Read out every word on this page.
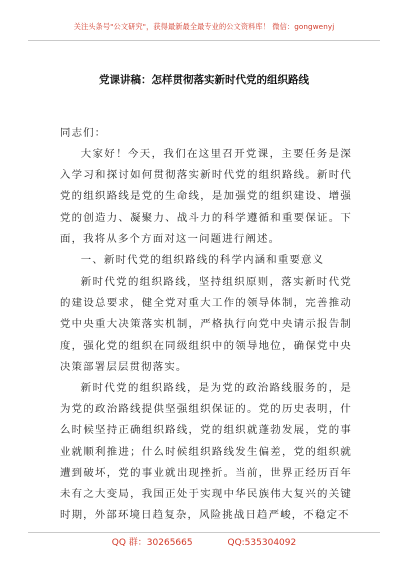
关注头条号"公文研究"，获得最新最全最专业的公文资料库！ 微信：gongwenyj
党课讲稿：怎样贯彻落实新时代党的组织路线
同志们：
大家好！今天，我们在这里召开党课，主要任务是深入学习和探讨如何贯彻落实新时代党的组织路线。新时代党的组织路线是党的生命线，是加强党的组织建设、增强党的创造力、凝聚力、战斗力的科学遵循和重要保证。下面，我将从多个方面对这一问题进行阐述。
一、新时代党的组织路线的科学内涵和重要意义
新时代党的组织路线，坚持组织原则，落实新时代党的建设总要求，健全党对重大工作的领导体制，完善推动党中央重大决策落实机制，严格执行向党中央请示报告制度，强化党的组织在同级组织中的领导地位，确保党中央决策部署层层贯彻落实。
新时代党的组织路线，是为党的政治路线服务的，是为党的政治路线提供坚强组织保证的。党的历史表明，什么时候坚持正确组织路线，党的组织就蓬勃发展，党的事业就顺利推进；什么时候组织路线发生偏差，党的组织就遭到破坏，党的事业就出现挫折。当前，世界正经历百年未有之大变局，我国正处于实现中华民族伟大复兴的关键时期，外部环境日趋复杂，风险挑战日趋严峻，不稳定不
QQ 群：30265665	QQ:535304092
